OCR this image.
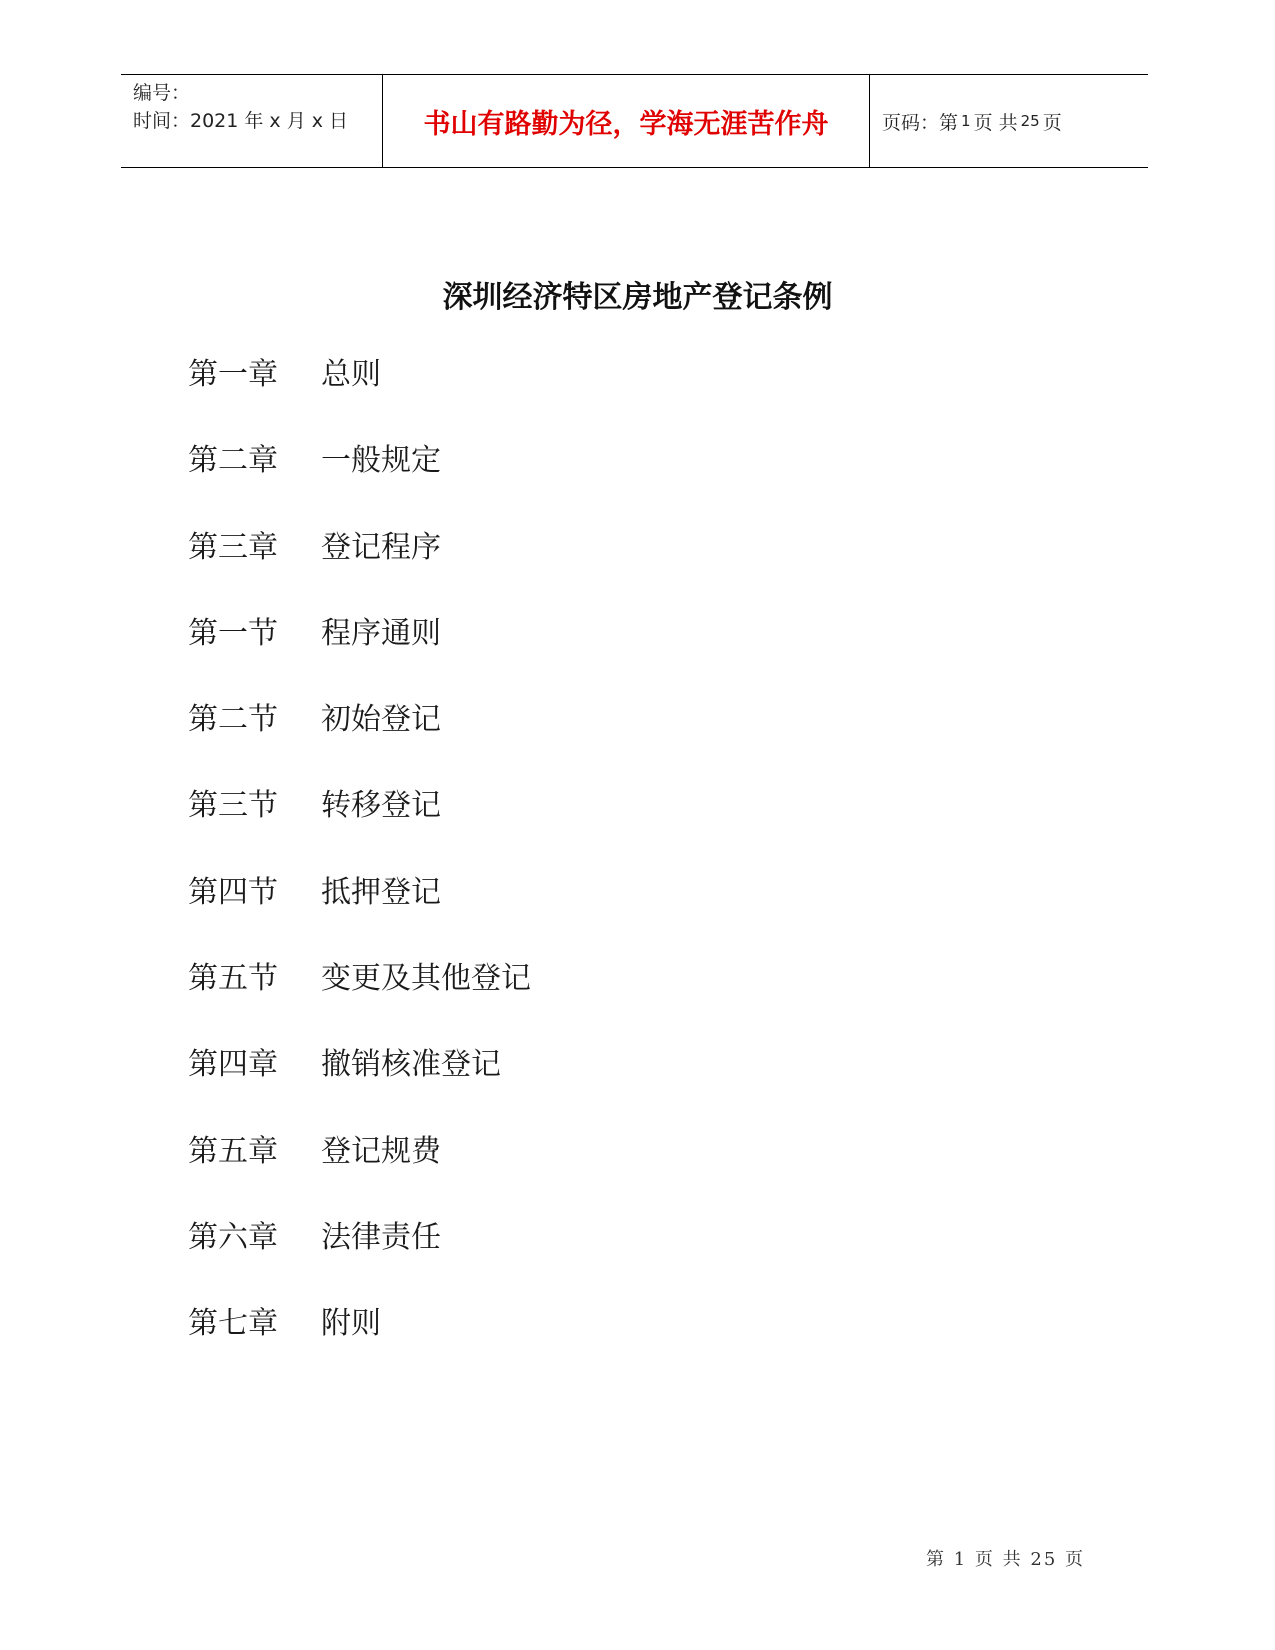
编号：
时间：2021 年 x 月 x 日	书山有路勤为径，学海无涯苦作舟	页码：第 1 页 共 25 页
深圳经济特区房地产登记条例
第一章	总则
第二章	一般规定
第三章	登记程序
第一节	程序通则
第二节	初始登记
第三节	转移登记
第四节	抵押登记
第五节	变更及其他登记
第四章	撤销核准登记
第五章	登记规费
第六章	法律责任
第七章	附则
第 1 页 共 25 页
